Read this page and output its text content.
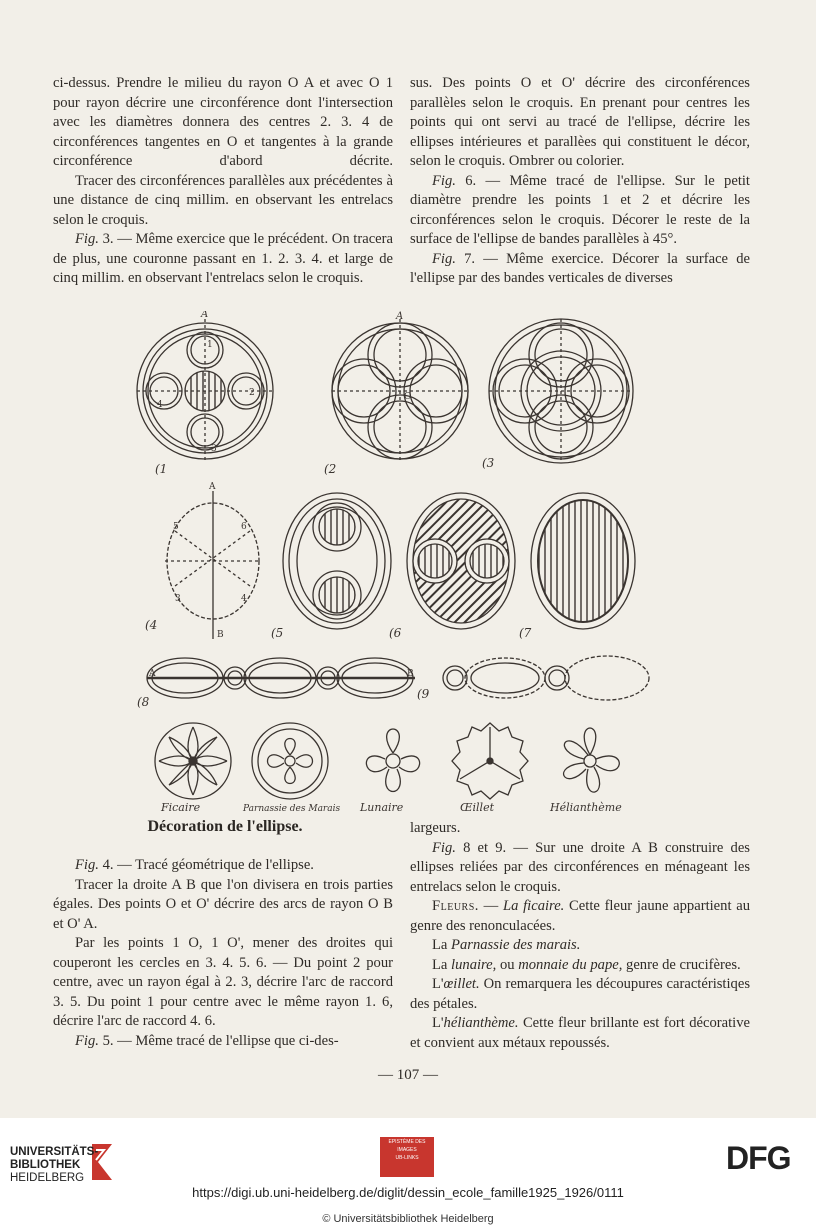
ci-dessus. Prendre le milieu du rayon O A et avec O 1 pour rayon décrire une circonférence dont l'intersection avec les diamètres donnera des centres 2. 3. 4 de circonférences tangentes en O et tangentes à la grande circonférence d'abord décrite.

Tracer des circonférences parallèles aux précédentes à une distance de cinq millim. en observant les entrelacs selon le croquis.

Fig. 3. — Même exercice que le précédent. On tracera de plus, une couronne passant en 1. 2. 3. 4. et large de cinq millim. en observant l'entrelacs selon le croquis.

sus. Des points O et O' décrire des circonférences parallèles selon le croquis. En prenant pour centres les points qui ont servi au tracé de l'ellipse, décrire les ellipses intérieures et parallèes qui constituent le décor, selon le croquis. Ombrer ou colorier.

Fig. 6. — Même tracé de l'ellipse. Sur le petit diamètre prendre les points 1 et 2 et décrire les circonférences selon le croquis. Décorer le reste de la surface de l'ellipse de bandes parallèles à 45°.

Fig. 7. — Même exercice. Décorer la surface de l'ellipse par des bandes verticales de diverses

A
1
2
3
4
(1
A
O
(2	(3
A
B
5	6
3	4
(4
(5	(6	(7
A	B
(8
(9
Ficaire	Parnassie des Marais Lunaire	Œillet	Hélianthème
Décoration de l'ellipse.

Fig. 4. — Tracé géométrique de l'ellipse.

Tracer la droite A B que l'on divisera en trois parties égales. Des points O et O' décrire des arcs de rayon O B et O' A.

Par les points 1 O, 1 O', mener des droites qui couperont les cercles en 3. 4. 5. 6. — Du point 2 pour centre, avec un rayon égal à 2. 3, décrire l'arc de raccord 3. 5. Du point 1 pour centre avec le même rayon 1. 6, décrire l'arc de raccord 4. 6.

Fig. 5. — Même tracé de l'ellipse que ci-des-

largeurs.

Fig. 8 et 9. — Sur une droite A B construire des ellipses reliées par des circonférences en ménageant les entrelacs selon le croquis.

Fleurs. — La ficaire. Cette fleur jaune appartient au genre des renonculacées.

La Parnassie des marais.

La lunaire, ou monnaie du pape, genre de crucifères.

L'œillet. On remarquera les découpures caractéristiqes des pétales.

L'hélianthème. Cette fleur brillante est fort décorative et convient aux métaux repoussés.

— 107 —
UNIVERSITÄTS-
BIBLIOTHEK
HEIDELBERG
EPISTÈME DES
IMAGES
UB-LINKS	DFG
https://digi.ub.uni-heidelberg.de/diglit/dessin_ecole_famille1925_1926/0111
© Universitätsbibliothek Heidelberg
